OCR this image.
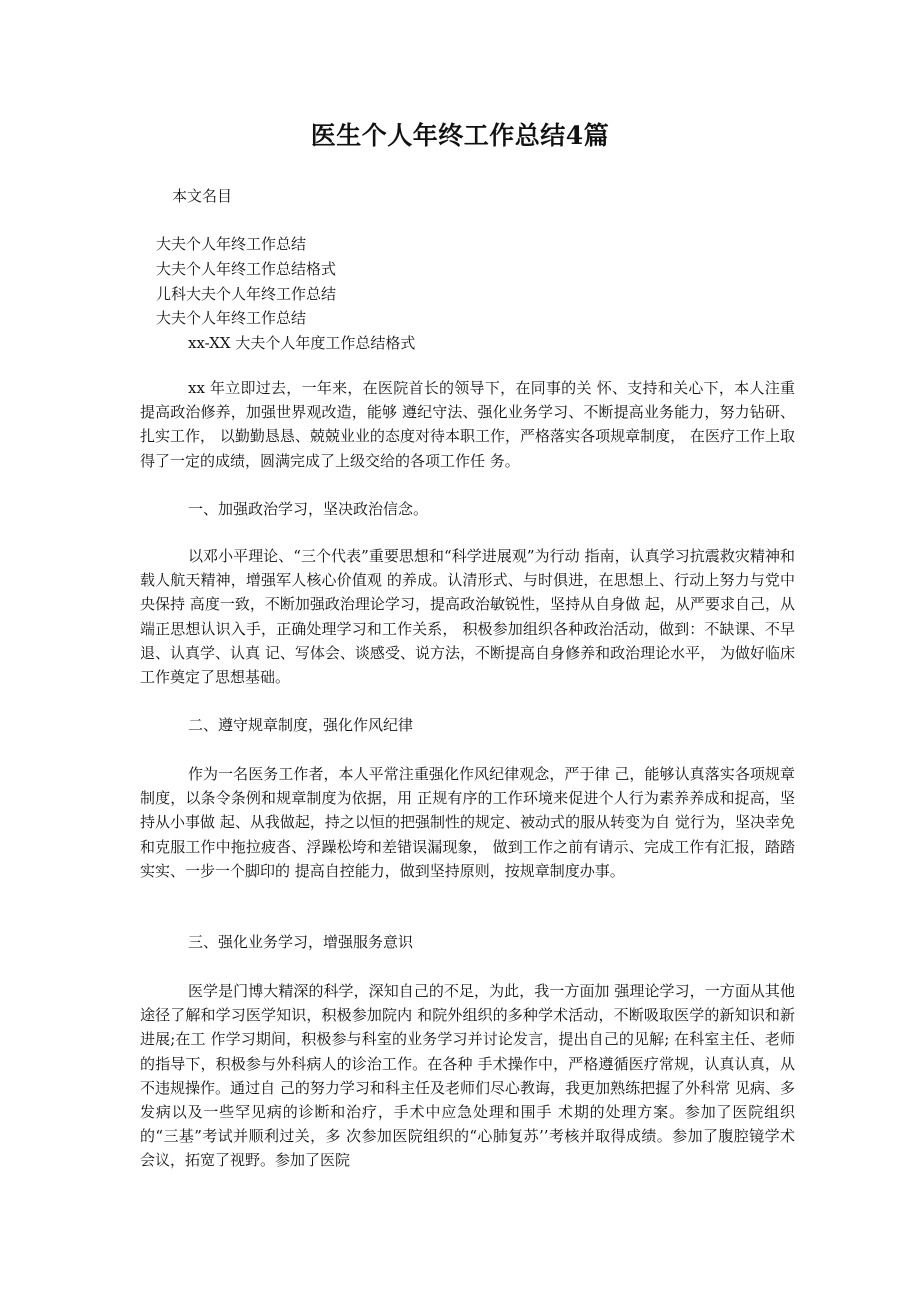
医生个人年终工作总结4篇
本文名目
大夫个人年终工作总结
大夫个人年终工作总结格式
儿科大夫个人年终工作总结
大夫个人年终工作总结
xx-XX 大夫个人年度工作总结格式
xx 年立即过去，一年来，在医院首长的领导下，在同事的关 怀、支持和关心下，本人注重提高政治修养，加强世界观改造，能够 遵纪守法、强化业务学习、不断提高业务能力，努力钻研、扎实工作， 以勤勤恳恳、兢兢业业的态度对待本职工作，严格落实各项规章制度， 在医疗工作上取得了一定的成绩，圆满完成了上级交给的各项工作任 务。
一、加强政治学习，坚决政治信念。
以邓小平理论、“三个代表”重要思想和“科学进展观”为行动 指南，认真学习抗震救灾精神和载人航天精神，增强军人核心价值观 的养成。认清形式、与时俱进，在思想上、行动上努力与党中央保持 高度一致，不断加强政治理论学习，提高政治敏锐性，坚持从自身做 起，从严要求自己，从端正思想认识入手，正确处理学习和工作关系， 积极参加组织各种政治活动，做到：不缺课、不早退、认真学、认真 记、写体会、谈感受、说方法，不断提高自身修养和政治理论水平， 为做好临床工作奠定了思想基础。
二、遵守规章制度，强化作风纪律
作为一名医务工作者，本人平常注重强化作风纪律观念，严于律 己，能够认真落实各项规章制度，以条令条例和规章制度为依据，用 正规有序的工作环境来促进个人行为素养养成和捉高，坚持从小事做 起、从我做起，持之以恒的把强制性的规定、被动式的服从转变为自 觉行为，坚决幸免和克服工作中拖拉疲沓、浮躁松垮和差错误漏现象， 做到工作之前有请示、完成工作有汇报，踏踏实实、一步一个脚印的 提高自控能力，做到坚持原则，按规章制度办事。
三、强化业务学习，增强服务意识
医学是门博大精深的科学，深知自己的不足，为此，我一方面加 强理论学习，一方面从其他途径了解和学习医学知识，积极参加院内 和院外组织的多种学术活动，不断吸取医学的新知识和新进展;在工 作学习期间，积极参与科室的业务学习并讨论发言，提出自己的见解; 在科室主任、老师的指导下，积极参与外科病人的诊治工作。在各种 手术操作中，严格遵循医疗常规，认真认真，从不违规操作。通过自 己的努力学习和科主任及老师们尽心教诲，我更加熟练把握了外科常 见病、多发病以及一些罕见病的诊断和治疗，手术中应急处理和围手 术期的处理方案。参加了医院组织的“三基”考试并顺利过关，多 次参加医院组织的“心肺复苏’’考核并取得成绩。参加了腹腔镜学术 会议，拓宽了视野。参加了医院
